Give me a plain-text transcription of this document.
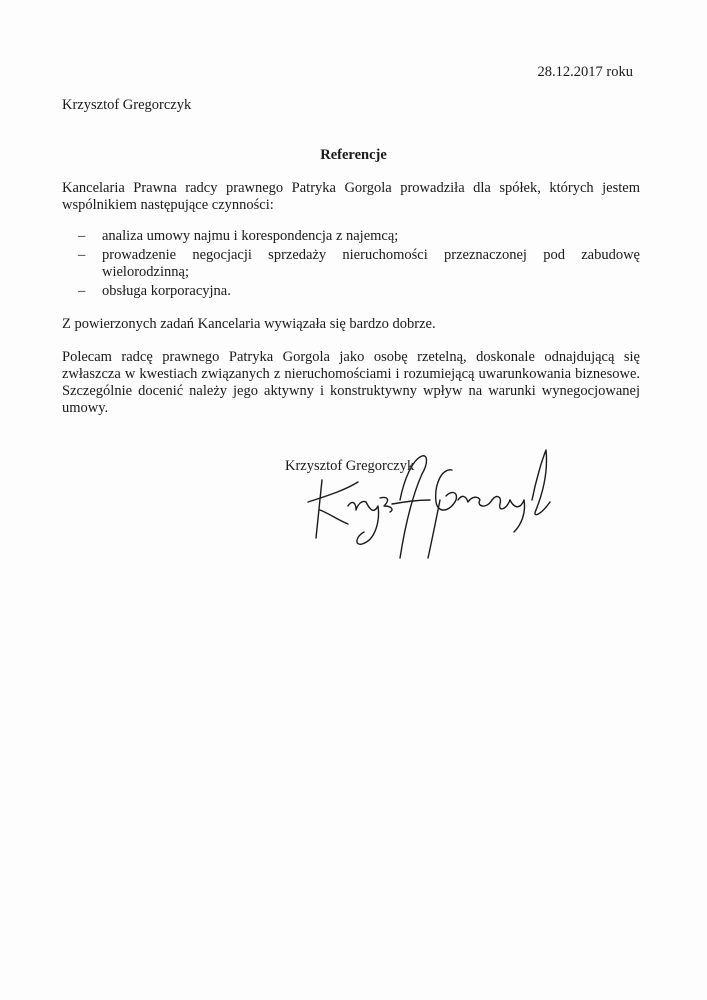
28.12.2017 roku
Krzysztof Gregorczyk
Referencje
Kancelaria Prawna radcy prawnego Patryka Gorgola prowadziła dla spółek, których jestem wspólnikiem następujące czynności:
– analiza umowy najmu i korespondencja z najemcą;
– prowadzenie negocjacji sprzedaży nieruchomości przeznaczonej pod zabudowę wielorodzinną;
– obsługa korporacyjna.
Z powierzonych zadań Kancelaria wywiązała się bardzo dobrze.
Polecam radcę prawnego Patryka Gorgola jako osobę rzetelną, doskonale odnajdującą się zwłaszcza w kwestiach związanych z nieruchomościami i rozumiejącą uwarunkowania biznesowe. Szczególnie docenić należy jego aktywny i konstruktywny wpływ na warunki wynegocjowanej umowy.
Krzysztof Gregorczyk
